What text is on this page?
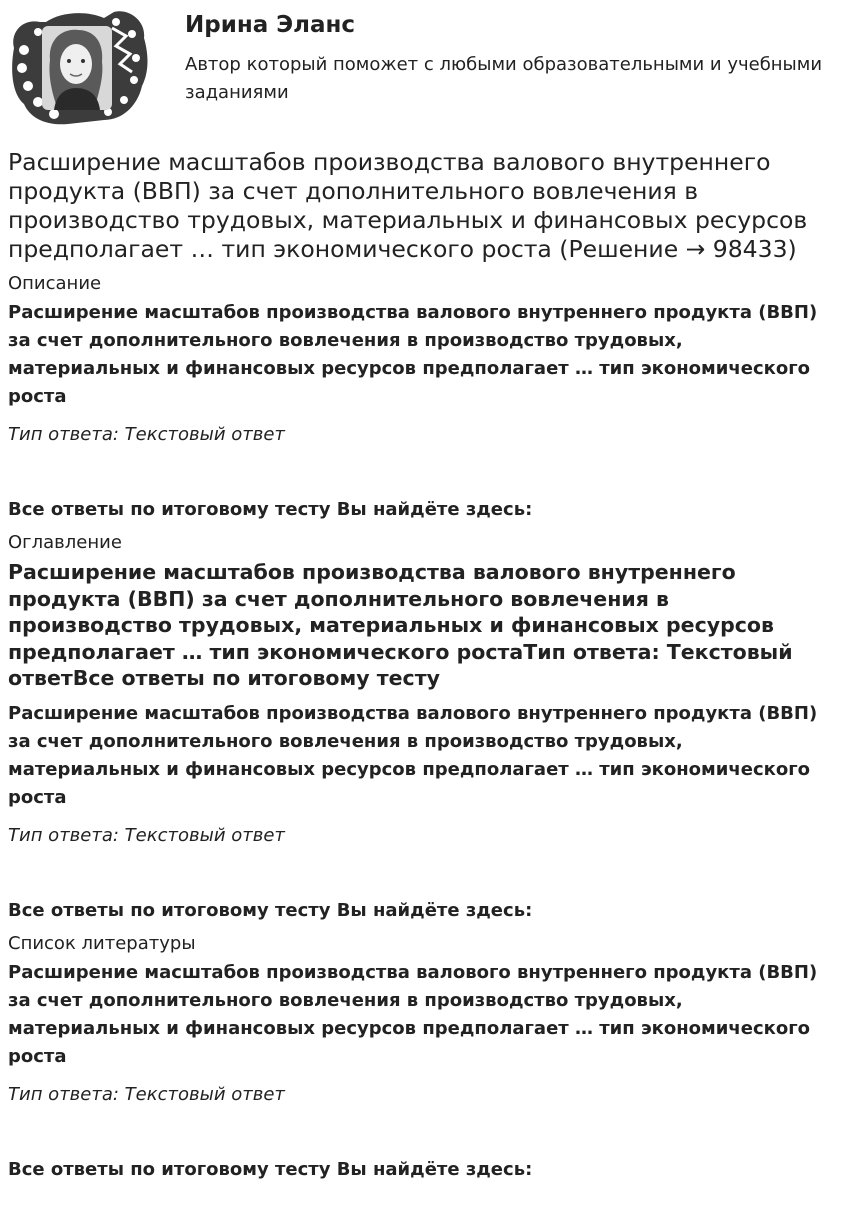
Ирина Эланс
Автор который поможет с любыми образовательными и учебными заданиями
Расширение масштабов производства валового внутреннего продукта (ВВП) за счет дополнительного вовлечения в производство трудовых, материальных и финансовых ресурсов предполагает … тип экономического роста (Решение → 98433)

Описание

Расширение масштабов производства валового внутреннего продукта (ВВП) за счет дополнительного вовлечения в производство трудовых, материальных и финансовых ресурсов предполагает … тип экономического роста

Тип ответа: Текстовый ответ

Все ответы по итоговому тесту Вы найдёте здесь:

Оглавление

Расширение масштабов производства валового внутреннего продукта (ВВП) за счет дополнительного вовлечения в производство трудовых, материальных и финансовых ресурсов предполагает … тип экономического ростаТип ответа: Текстовый ответВсе ответы по итоговому тесту

Расширение масштабов производства валового внутреннего продукта (ВВП) за счет дополнительного вовлечения в производство трудовых, материальных и финансовых ресурсов предполагает … тип экономического роста

Тип ответа: Текстовый ответ

Все ответы по итоговому тесту Вы найдёте здесь:

Список литературы

Расширение масштабов производства валового внутреннего продукта (ВВП) за счет дополнительного вовлечения в производство трудовых, материальных и финансовых ресурсов предполагает … тип экономического роста

Тип ответа: Текстовый ответ

Все ответы по итоговому тесту Вы найдёте здесь:
